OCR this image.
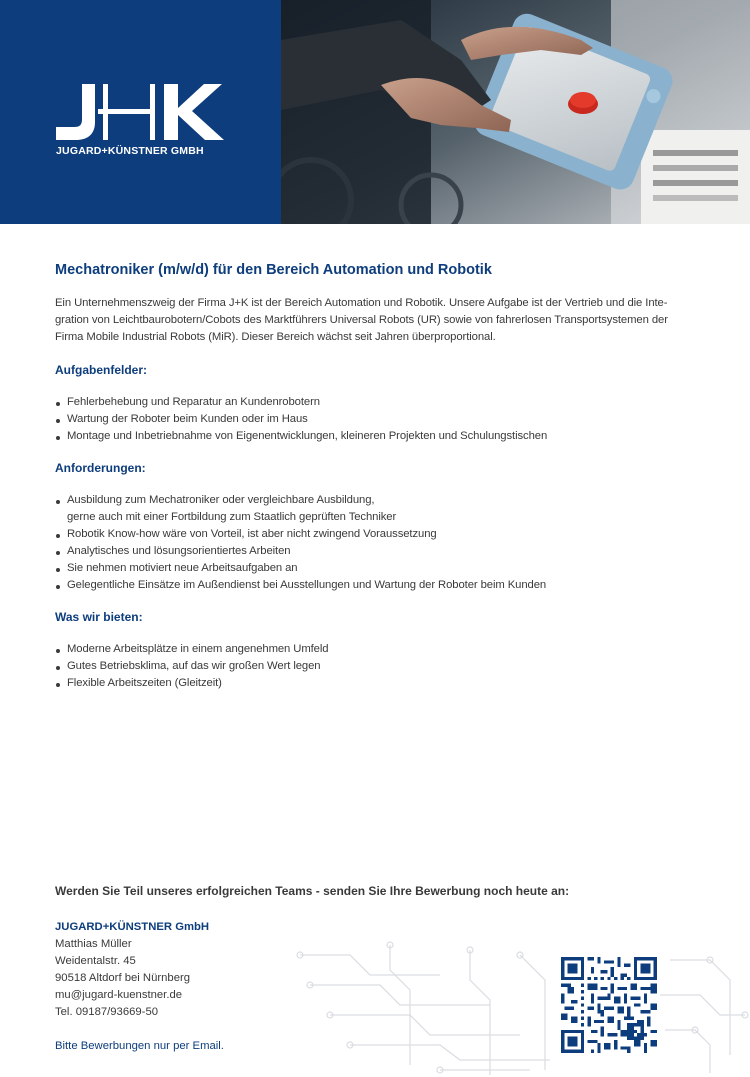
JUGARD+KÜNSTNER GMBH
Mechatroniker (m/w/d) für den Bereich Automation und Robotik

Ein Unternehmenszweig der Firma J+K ist der Bereich Automation und Robotik. Unsere Aufgabe ist der Vertrieb und die Inte-
gration von Leichtbaurobotern/Cobots des Marktführers Universal Robots (UR) sowie von fahrerlosen Transportsystemen der
Firma Mobile Industrial Robots (MiR). Dieser Bereich wächst seit Jahren überproportional.

Aufgabenfelder:
Fehlerbehebung und Reparatur an Kundenrobotern
Wartung der Roboter beim Kunden oder im Haus
Montage und Inbetriebnahme von Eigenentwicklungen, kleineren Projekten und Schulungstischen
Anforderungen:
Ausbildung zum Mechatroniker oder vergleichbare Ausbildung,
gerne auch mit einer Fortbildung zum Staatlich geprüften Techniker
Robotik Know-how wäre von Vorteil, ist aber nicht zwingend Voraussetzung
Analytisches und lösungsorientiertes Arbeiten
Sie nehmen motiviert neue Arbeitsaufgaben an
Gelegentliche Einsätze im Außendienst bei Ausstellungen und Wartung der Roboter beim Kunden
Was wir bieten:
Moderne Arbeitsplätze in einem angenehmen Umfeld
Gutes Betriebsklima, auf das wir großen Wert legen
Flexible Arbeitszeiten (Gleitzeit)
Werden Sie Teil unseres erfolgreichen Teams - senden Sie Ihre Bewerbung noch heute an:
JUGARD+KÜNSTNER GmbH
Matthias Müller
Weidentalstr. 45
90518 Altdorf bei Nürnberg
mu@jugard-kuenstner.de
Tel. 09187/93669-50
Bitte Bewerbungen nur per Email.
